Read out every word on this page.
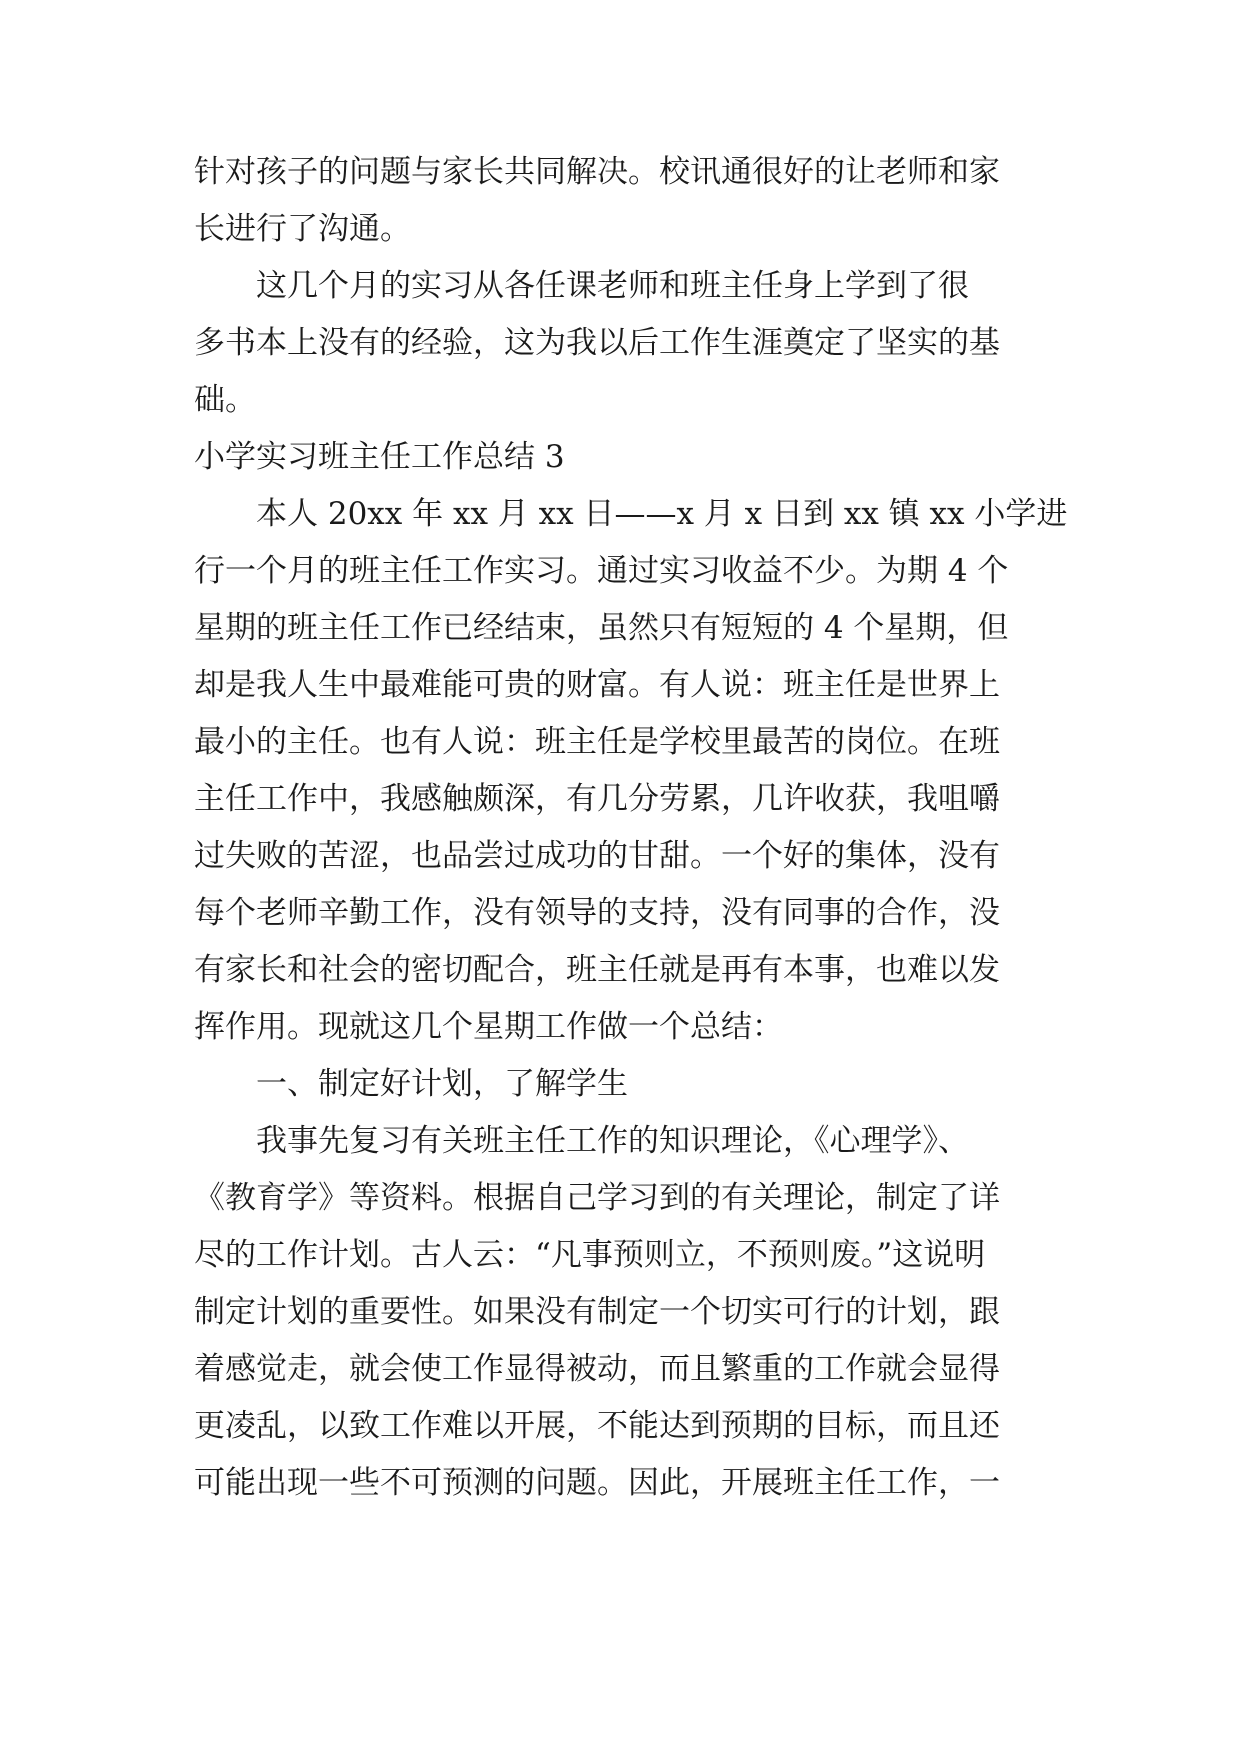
针对孩子的问题与家长共同解决。校讯通很好的让老师和家
长进行了沟通。
这几个月的实习从各任课老师和班主任身上学到了很
多书本上没有的经验，这为我以后工作生涯奠定了坚实的基
础。
小学实习班主任工作总结 3
本人 20xx 年 xx 月 xx 日——x 月 x 日到 xx 镇 xx 小学进
行一个月的班主任工作实习。通过实习收益不少。为期 4 个
星期的班主任工作已经结束，虽然只有短短的 4 个星期，但
却是我人生中最难能可贵的财富。有人说：班主任是世界上
最小的主任。也有人说：班主任是学校里最苦的岗位。在班
主任工作中，我感触颇深，有几分劳累，几许收获，我咀嚼
过失败的苦涩，也品尝过成功的甘甜。一个好的集体，没有
每个老师辛勤工作，没有领导的支持，没有同事的合作，没
有家长和社会的密切配合，班主任就是再有本事，也难以发
挥作用。现就这几个星期工作做一个总结：
一、制定好计划，了解学生
我事先复习有关班主任工作的知识理论，《心理学》、
《教育学》等资料。根据自己学习到的有关理论，制定了详
尽的工作计划。古人云：“凡事预则立，不预则废。”这说明
制定计划的重要性。如果没有制定一个切实可行的计划，跟
着感觉走，就会使工作显得被动，而且繁重的工作就会显得
更凌乱，以致工作难以开展，不能达到预期的目标，而且还
可能出现一些不可预测的问题。因此，开展班主任工作，一
